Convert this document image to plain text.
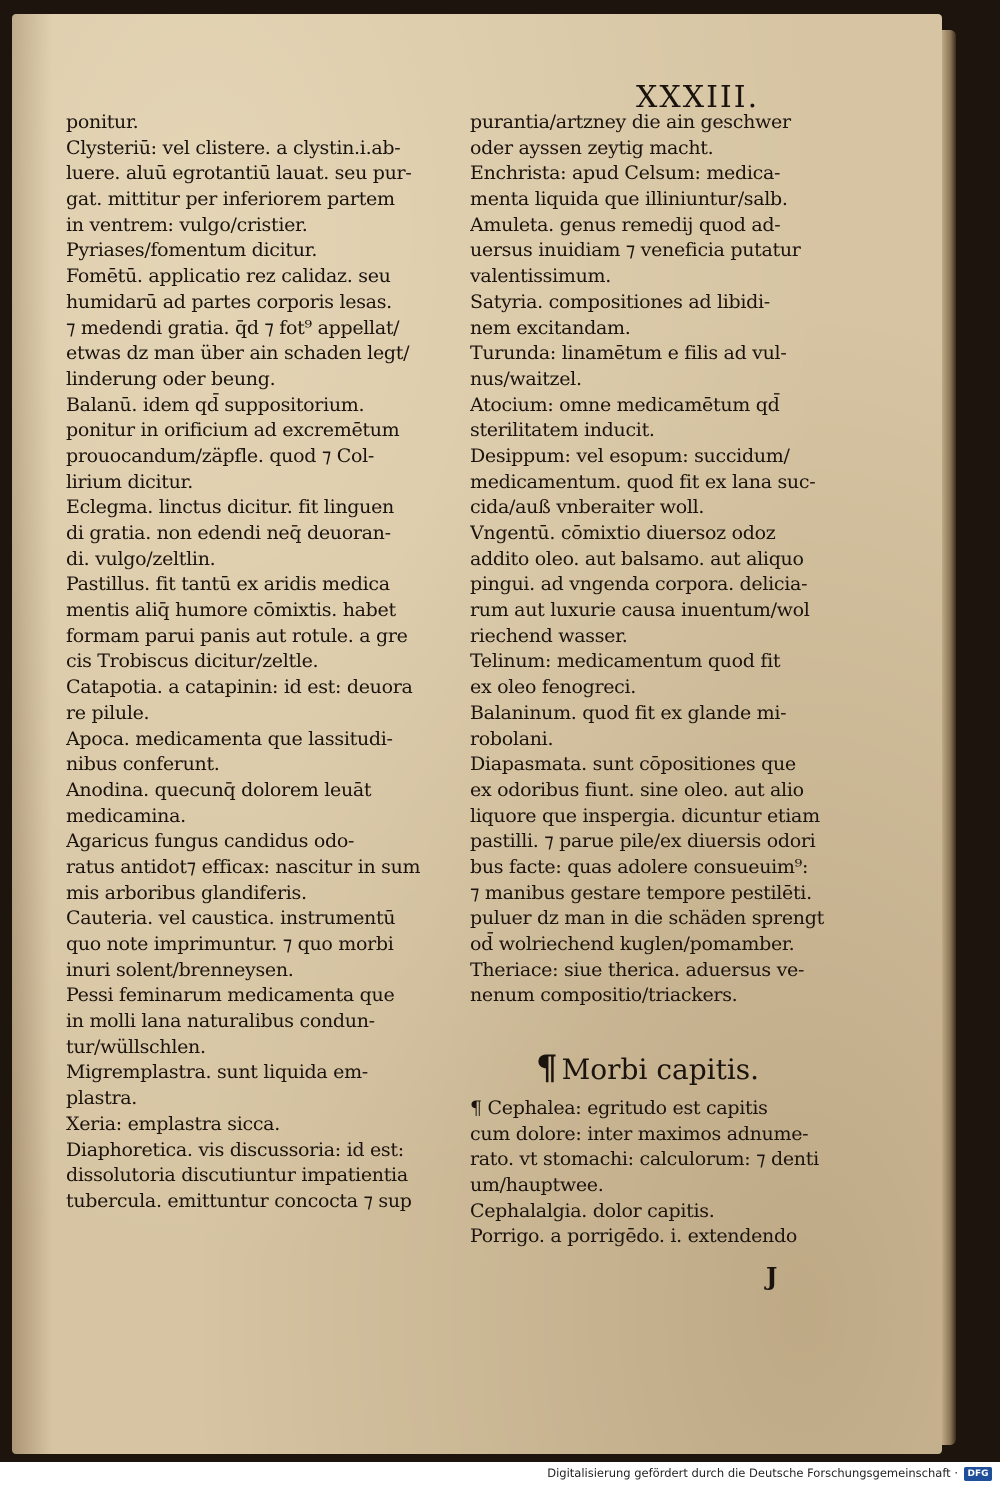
XXXIII.
ponitur.
Clysteriū: vel clistere. a clystin.i.ab-
luere. aluū egrotantiū lauat. seu pur-
gat. mittitur per inferiorem partem
in ventrem: vulgo/cristier.
Pyriases/fomentum dicitur.
Fomētū. applicatio rez calidaz. seu
humidarū ad partes corporis lesas.
⁊ medendi gratia. q̄d ⁊ fot⁹ appellat/
etwas dz man über ain schaden legt/
linderung oder beung.
Balanū. idem qd̄ suppositorium.
ponitur in orificium ad excremētum
prouocandum/zäpfle. quod ⁊ Col-
lirium dicitur.
Eclegma. linctus dicitur. fit linguen
di gratia. non edendi neq̄ deuoran-
di. vulgo/zeltlin.
Pastillus. fit tantū ex aridis medica
mentis aliq̄ humore cōmixtis. habet
formam parui panis aut rotule. a gre
cis Trobiscus dicitur/zeltle.
Catapotia. a catapinin: id est: deuora
re pilule.
Apoca. medicamenta que lassitudi-
nibus conferunt.
Anodina. quecunq̄ dolorem leuāt
medicamina.
Agaricus fungus candidus odo-
ratus antidot⁊ efficax: nascitur in sum
mis arboribus glandiferis.
Cauteria. vel caustica. instrumentū
quo note imprimuntur. ⁊ quo morbi
inuri solent/brenneysen.
Pessi feminarum medicamenta que
in molli lana naturalibus condun-
tur/wüllschlen.
Migremplastra. sunt liquida em-
plastra.
Xeria: emplastra sicca.
Diaphoretica. vis discussoria: id est:
dissolutoria discutiuntur impatientia
tubercula. emittuntur concocta ⁊ sup
purantia/artzney die ain geschwer
oder ayssen zeytig macht.
Enchrista: apud Celsum: medica-
menta liquida que illiniuntur/salb.
Amuleta. genus remedij quod ad-
uersus inuidiam ⁊ veneficia putatur
valentissimum.
Satyria. compositiones ad libidi-
nem excitandam.
Turunda: linamētum e filis ad vul-
nus/waitzel.
Atocium: omne medicamētum qd̄
sterilitatem inducit.
Desippum: vel esopum: succidum/
medicamentum. quod fit ex lana suc-
cida/auß vnberaiter woll.
Vngentū. cōmixtio diuersoz odoz
addito oleo. aut balsamo. aut aliquo
pingui. ad vngenda corpora. delicia-
rum aut luxurie causa inuentum/wol
riechend wasser.
Telinum: medicamentum quod fit
ex oleo fenogreci.
Balaninum. quod fit ex glande mi-
robolani.
Diapasmata. sunt cōpositiones que
ex odoribus fiunt. sine oleo. aut alio
liquore que inspergia. dicuntur etiam
pastilli. ⁊ parue pile/ex diuersis odori
bus facte: quas adolere consueuim⁹:
⁊ manibus gestare tempore pestilēti.
puluer dz man in die schäden sprengt
od̄ wolriechend kuglen/pomamber.
Theriace: siue therica. aduersus ve-
nenum compositio/triackers.
¶ Morbi capitis.
¶ Cephalea: egritudo est capitis
cum dolore: inter maximos adnume-
rato. vt stomachi: calculorum: ⁊ denti
um/hauptwee.
Cephalalgia. dolor capitis.
Porrigo. a porrigēdo. i. extendendo
J
Digitalisierung gefördert durch die Deutsche Forschungsgemeinschaft ·	DFG
